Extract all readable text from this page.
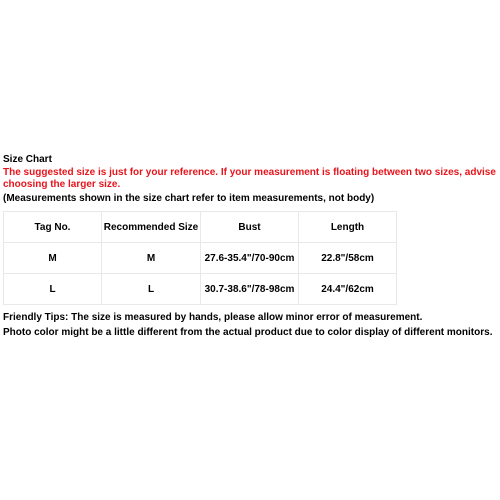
Size Chart
The suggested size is just for your reference. If your measurement is floating between two sizes, advise choosing the larger size.
(Measurements shown in the size chart refer to item measurements, not body)
Tag No.	Recommended Size	Bust	Length
M	M	27.6-35.4"/70-90cm	22.8"/58cm
L	L	30.7-38.6"/78-98cm	24.4"/62cm
Friendly Tips: The size is measured by hands, please allow minor error of measurement.
Photo color might be a little different from the actual product due to color display of different monitors.
